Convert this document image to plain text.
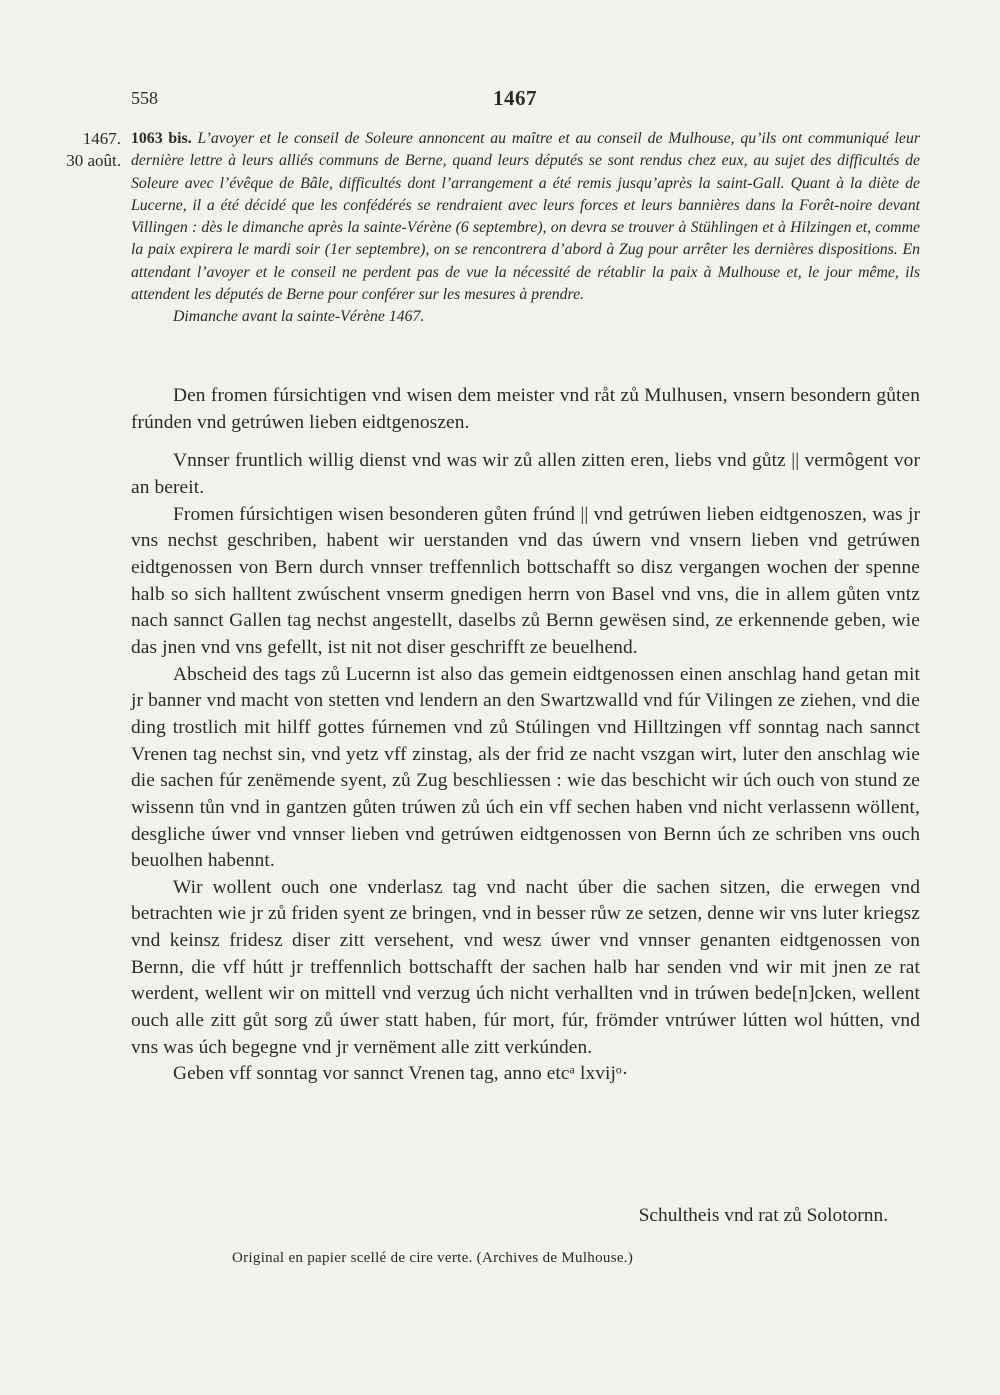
558	1467
1467.
30 août.
1063 bis. L’avoyer et le conseil de Soleure annoncent au maître et au conseil de Mulhouse, qu’ils ont communiqué leur dernière lettre à leurs alliés communs de Berne, quand leurs députés se sont rendus chez eux, au sujet des difficultés de Soleure avec l’évêque de Bâle, difficultés dont l’arrangement a été remis jusqu’après la saint-Gall. Quant à la diète de Lucerne, il a été décidé que les confédérés se rendraient avec leurs forces et leurs bannières dans la Forêt-noire devant Villingen : dès le dimanche après la sainte-Vérène (6 septembre), on devra se trouver à Stühlingen et à Hilzingen et, comme la paix expirera le mardi soir (1er septembre), on se rencontrera d’abord à Zug pour arrêter les dernières dispositions. En attendant l’avoyer et le conseil ne perdent pas de vue la nécessité de rétablir la paix à Mulhouse et, le jour même, ils attendent les députés de Berne pour conférer sur les mesures à prendre.
Dimanche avant la sainte-Vérène 1467.

Den fromen fúrsichtigen vnd wisen dem meister vnd råt zů Mulhusen, vnsern besondern gůten frúnden vnd getrúwen lieben eidtgenoszen.

Vnnser fruntlich willig dienst vnd was wir zů allen zitten eren, liebs vnd gůtz || vermôgent vor an bereit.

Fromen fúrsichtigen wisen besonderen gůten frúnd || vnd getrúwen lieben eidtgenoszen, was jr vns nechst geschriben, habent wir uerstanden vnd das úwern vnd vnsern lieben vnd getrúwen eidtgenossen von Bern durch vnnser treffennlich bottschafft so disz vergangen wochen der spenne halb so sich halltent zwúschent vnserm gnedigen herrn von Basel vnd vns, die in allem gůten vntz nach sannct Gallen tag nechst angestellt, daselbs zů Bernn gewësen sind, ze erkennende geben, wie das jnen vnd vns gefellt, ist nit not diser geschrifft ze beuelhend.

Abscheid des tags zů Lucernn ist also das gemein eidtgenossen einen anschlag hand getan mit jr banner vnd macht von stetten vnd lendern an den Swartzwalld vnd fúr Vilingen ze ziehen, vnd die ding trostlich mit hilff gottes fúrnemen vnd zů Stúlingen vnd Hilltzingen vff sonntag nach sannct Vrenen tag nechst sin, vnd yetz vff zinstag, als der frid ze nacht vszgan wirt, luter den anschlag wie die sachen fúr zenëmende syent, zů Zug beschliessen : wie das beschicht wir úch ouch von stund ze wissenn tůn vnd in gantzen gůten trúwen zů úch ein vff sechen haben vnd nicht verlassenn wöllent, desgliche úwer vnd vnnser lieben vnd getrúwen eidtgenossen von Bernn úch ze schriben vns ouch beuolhen habennt.

Wir wollent ouch one vnderlasz tag vnd nacht úber die sachen sitzen, die erwegen vnd betrachten wie jr zů friden syent ze bringen, vnd in besser růw ze setzen, denne wir vns luter kriegsz vnd keinsz fridesz diser zitt versehent, vnd wesz úwer vnd vnnser genanten eidtgenossen von Bernn, die vff hútt jr treffennlich bottschafft der sachen halb har senden vnd wir mit jnen ze rat werdent, wellent wir on mittell vnd verzug úch nicht verhallten vnd in trúwen bede[n]cken, wellent ouch alle zitt gůt sorg zů úwer statt haben, fúr mort, fúr, frömder vntrúwer lútten wol hútten, vnd vns was úch begegne vnd jr vernëment alle zitt verkúnden.

Geben vff sonntag vor sannct Vrenen tag, anno etcᵃ lxvijᵒ·

Schultheis vnd rat zů Solotornn.
Original en papier scellé de cire verte. (Archives de Mulhouse.)
